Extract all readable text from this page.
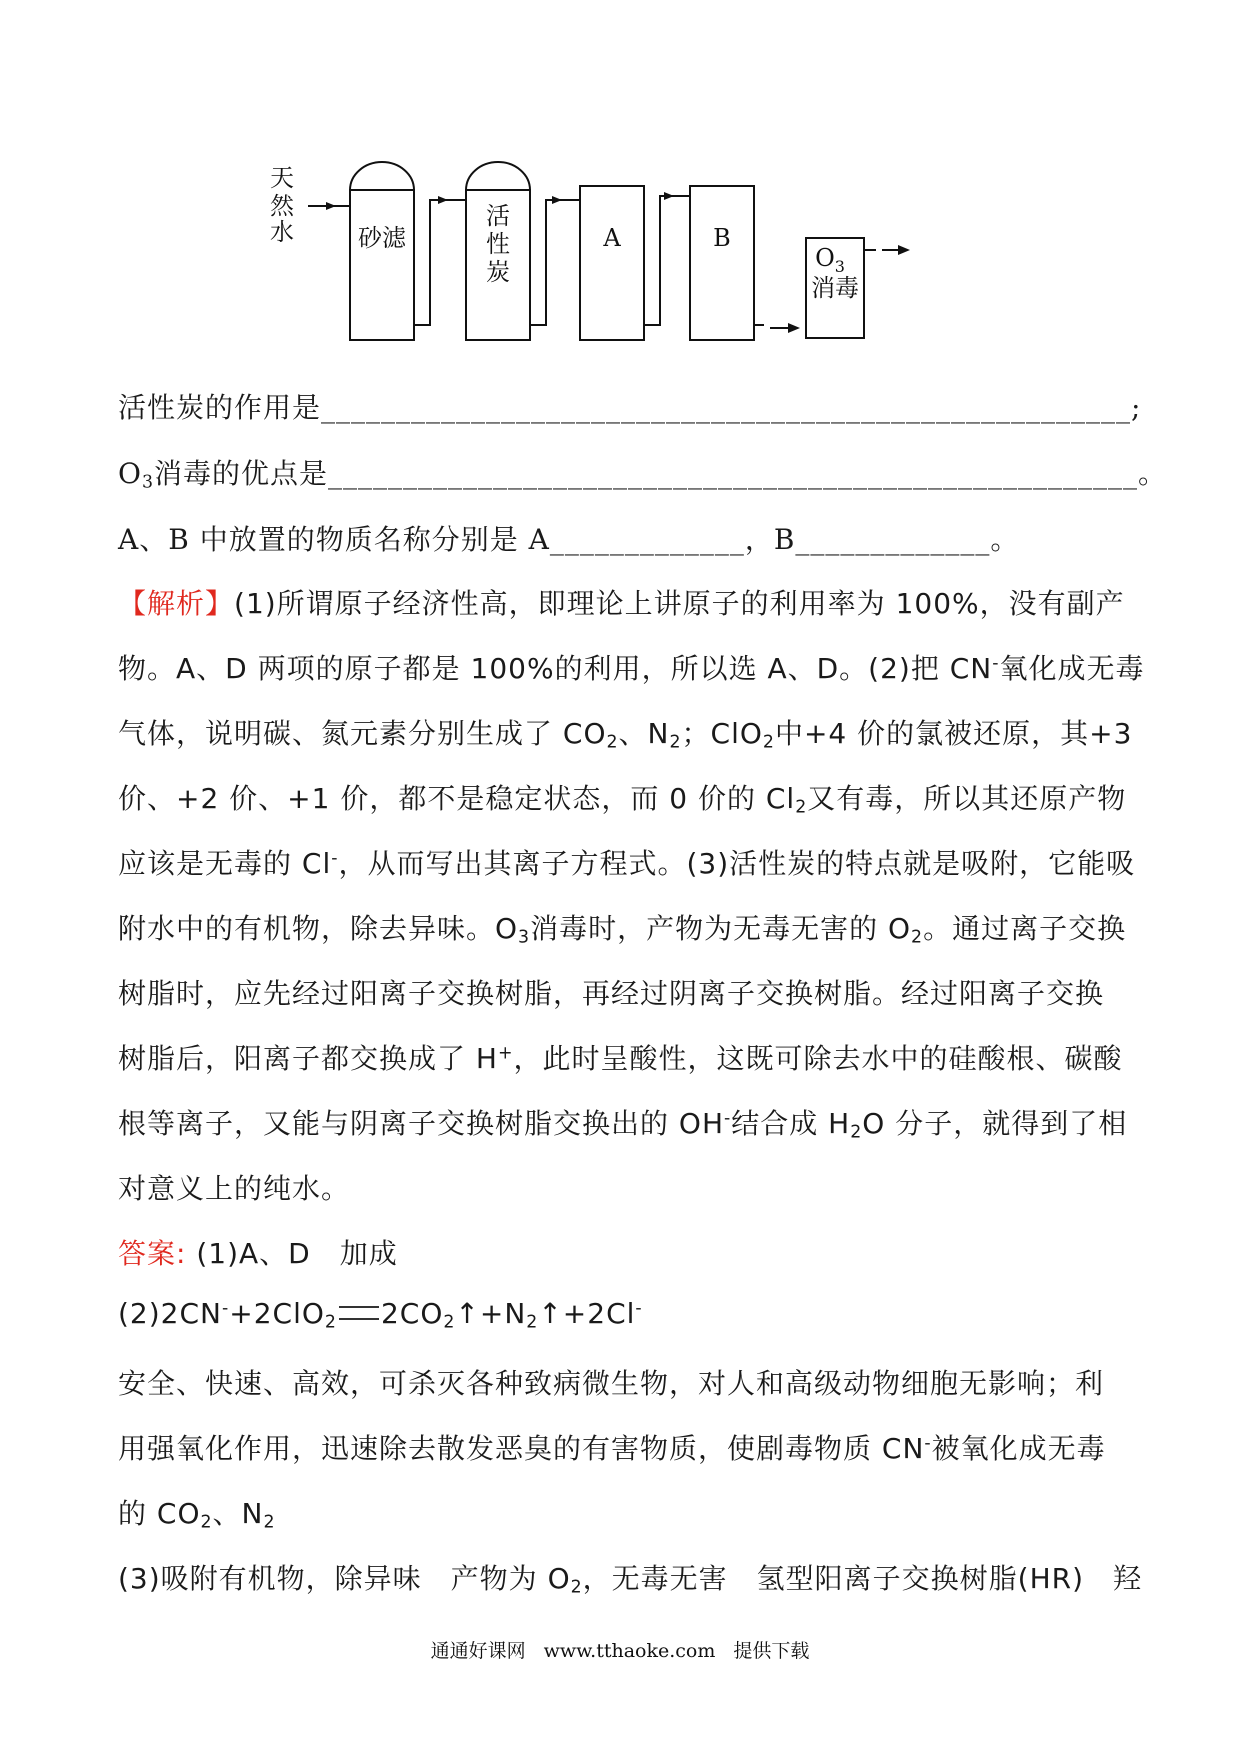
天
然
水	砂滤
活
性
炭
A	B
$O_3$
消毒
活性炭的作用是______________________________________________________;
$O_3$消毒的优点是______________________________________________________。
A、B 中放置的物质名称分别是 A_____________，B_____________。
【解析】(1)所谓原子经济性高，即理论上讲原子的利用率为 100%，没有副产
物。A、D 两项的原子都是 100%的利用，所以选 A、D。(2)把 CN-氧化成无毒
气体，说明碳、氮元素分别生成了 $CO_2$、$N_2$；ClO$_2$中+4 价的氯被还原，其+3
价、+2 价、+1 价，都不是稳定状态，而 0 价的 $Cl_2$又有毒，所以其还原产物
应该是无毒的 Cl-，从而写出其离子方程式。(3)活性炭的特点就是吸附，它能吸
附水中的有机物，除去异味。$O_3$消毒时，产物为无毒无害的 $O_2$。通过离子交换
树脂时，应先经过阳离子交换树脂，再经过阴离子交换树脂。经过阳离子交换
树脂后，阳离子都交换成了 H+，此时呈酸性，这既可除去水中的硅酸根、碳酸
根等离子，又能与阴离子交换树脂交换出的 OH-结合成 $H_2O$ 分子，就得到了相
对意义上的纯水。
答案: (1)A、D　加成
(2)2CN-+2ClO$_2$ $2CO_2↑+N_2↑+2Cl^-$
安全、快速、高效，可杀灭各种致病微生物，对人和高级动物细胞无影响；利
用强氧化作用，迅速除去散发恶臭的有害物质，使剧毒物质 CN-被氧化成无毒
的 $CO_2$、$N_2$
(3)吸附有机物，除异味　产物为 $O_2$，无毒无害　氢型阳离子交换树脂(HR)　羟
通通好课网 www.tthaoke.com 提供下载
